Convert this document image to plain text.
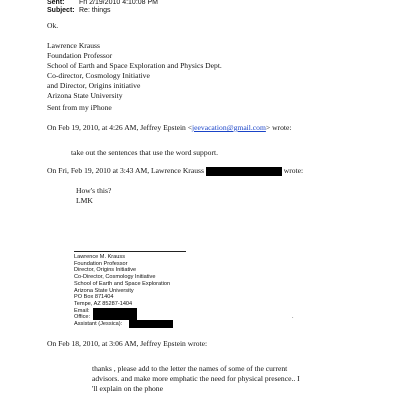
Sent: Fri 2/19/2010 4:10:08 PM
Subject: Re: things
Ok.
Lawrence Krauss
Foundation Professor
School of Earth and Space Exploration and Physics Dept.
Co-director, Cosmology Initiative
and Director, Origins initiative
Arizona State University
Sent from my iPhone
On Feb 19, 2010, at 4:26 AM, Jeffrey Epstein <jeevacation@gmail.com> wrote:
take out the sentences that use the word support.
On Fri, Feb 19, 2010 at 3:43 AM, Lawrence Krauss	wrote:
How's this?
LMK
Lawrence M. Krauss
Foundation Professor
Director, Origins Initiative
Co-Director, Cosmology Initiative
School of Earth and Space Exploration
Arizona State University
PO Box 871404
Tempe, AZ 85287-1404
Email:
Office:
Assistant (Jessica):
.
On Feb 18, 2010, at 3:06 AM, Jeffrey Epstein wrote:
thanks , please add to the letter the names of some of the current
advisors. and make more emphatic the need for physical presence.. I
'll explain on the phone
